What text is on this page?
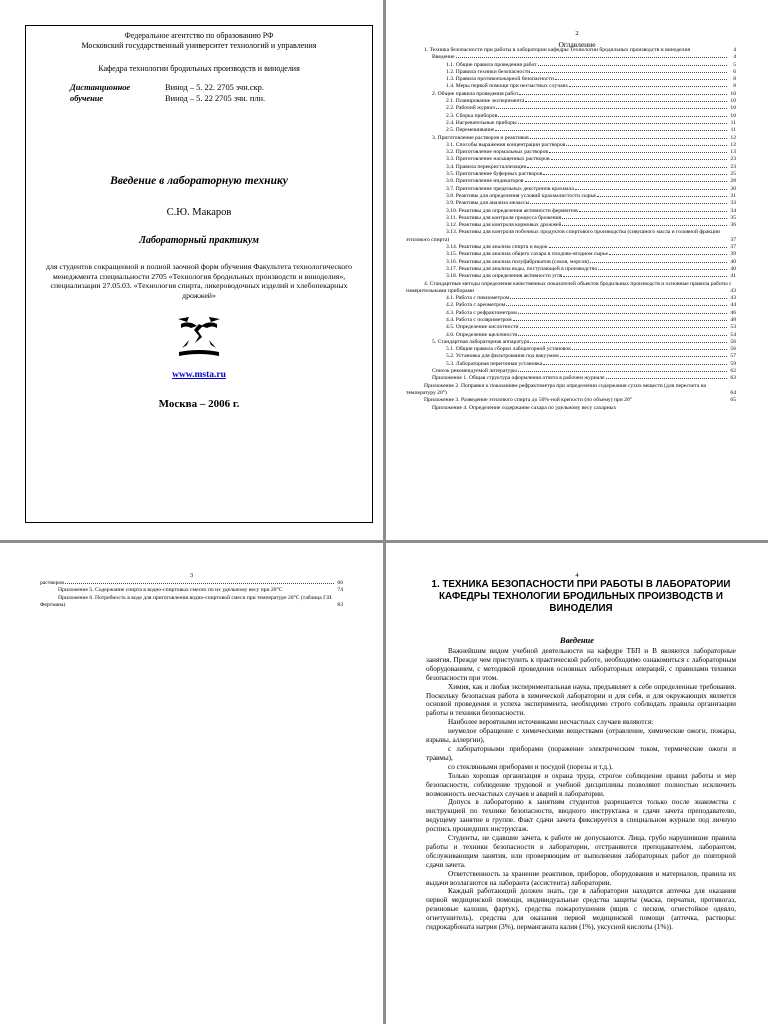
Федеральное агентство по образованию РФ
Московский государственный университет технологий и управления
Кафедра технологии бродильных производств и виноделия
Дистанционное обучение
Винод – 5. 22. 2705 зчн.скр.
Винод – 5. 22 2705 зчн. плн.
Введение в лабораторную технику
С.Ю. Макаров
Лабораторный практикум
для студентов сокращенной и полной заочной форм обучения Факультета технологического менеджмента специальности 2705 «Технология бродильных производств и виноделия», специализации 27.05.03. «Технология спирта, ликероводочных изделий и хлебопекарных дрожжей»
www.msta.ru
Москва – 2006 г.
2
Оглавление
1. Техника безопасности при работы в лаборатории кафедры Технологии бродильных производств и виноделия	4
Введение	4
1.1. Общие правила проведения работ	5
1.2. Правила техники безопасности	6
1.3. Правила противопожарной безопасности	8
1.4. Меры первой помощи при несчастных случаях	8
2. Общие правила проведения работ	10
2.1. Планирование эксперимента	10
2.2. Рабочий журнал	10
2.3. Сборка приборов	10
2.4. Нагревательные приборы	11
2.5. Перемешивание	11
3. Приготовление растворов и реактивов	12
3.1. Способы выражения концентрации растворов	12
3.2. Приготовление нормальных растворов	13
3.3. Приготовление насыщенных растворов	23
3.4. Правила перекристаллизации	23
3.5. Приготовление буферных растворов	25
3.6. Приготовление индикаторов	28
3.7. Приготовление предельных декстринов крахмала	30
3.8. Реактивы для определения условий крахмалистости сырья	31
3.9. Реактивы для анализа мелассы	33
3.10. Реактивы для определения активности ферментов	34
3.11. Реактивы для контроля процесса брожения	35
3.12. Реактивы для контроля кормовых дрожжей	36
3.13. Реактивы для контроля побочных продуктов спиртового производства (сивушного масла и головной фракции этилового спирта)	37
3.14. Реактивы для анализа спирта и водок	37
3.15. Реактивы для анализа общего сахара в плодово-ягодном сырье	39
3.16. Реактивы для анализа полуфабрикатов (соков, морсов)	40
3.17. Реактивы для анализа воды, поступающей в производство	40
3.18. Реактивы для определения активности угля	41
4. Стандартные методы определения качественных показателей объектов бродильных производств и основные правила работы с измерительными приборами	43
4.1. Работа с пикнометром	43
4.2. Работа с ареометром	44
4.3. Работа с рефрактометром	46
4.4. Работа с поляриметром	48
4.5. Определение кислотности	53
4.6. Определение щелочности	54
5. Стандартная лабораторная аппаратура	56
5.1. Общие правила сборки лабораторной установок	56
5.2. Установка для фильтрования под вакуумом	57
5.3. Лабораторная перегонная установка	59
Список рекомендуемой литературы	62
Приложение 1. Общая структура оформления отчета в рабочем журнале	63
Приложение 2. Поправки к показаниям рефрактометра при определении содержания сухих веществ (для пересчета на температуру 20°)	64
Приложение 3. Разведение этилового спирта до 50%-ной крепости (по объему) при 20°	65
Приложение 4. Определение содержание сахара по удельному весу сахарных
3
растворов	66
Приложение 5. Содержание спирта в водно-спиртовых смесях по их удельному весу при 20°С	74
Приложение 6. Потребность в воде для приготовления водно-спиртовой смеси при температуре 20°С (таблица Г.И. Фертмана)	83
4
1. ТЕХНИКА БЕЗОПАСНОСТИ ПРИ РАБОТЫ В ЛАБОРАТОРИИ КАФЕДРЫ ТЕХНОЛОГИИ БРОДИЛЬНЫХ ПРОИЗВОДСТВ И ВИНОДЕЛИЯ
Введение

Важнейшим видом учебной деятельности на кафедре ТБП и В являются лабораторные занятия. Прежде чем приступить к практической работе, необходимо ознакомиться с лабораторным оборудованием, с методикой проведения основных лабораторных операций, с правилами техники безопасности при этом.

Химия, как и любая экспериментальная наука, предъявляет к себе определенные требования. Поскольку безопасная работа в химической лаборатории и для себя, и для окружающих является основой проведения и успеха эксперимента, необходимо строго соблюдать правила организации работы и техники безопасности.

Наиболее вероятными источниками несчастных случаев являются:

неумелое обращение с химическими веществами (отравление, химические ожоги, пожары, взрывы, аллергии),

с лабораторными приборами (поражение электрическим током, термические ожоги и травмы),

со стеклянными приборами и посудой (порезы и т.д.).

Только хорошая организация и охрана труда, строгое соблюдение правил работы и мер безопасности, соблюдение трудовой и учебной дисциплины позволяют полностью исключить возможность несчастных случаев и аварий в лаборатории.

Допуск в лабораторию к занятиям студентов разрешается только после знакомства с инструкцией по технике безопасности, вводного инструктажа и сдачи зачета преподавателю, ведущему занятие в группе. Факт сдачи зачета фиксируется в специальном журнале под личную роспись прошедших инструктаж.

Студенты, не сдавшие зачета, к работе не допускаются. Лица, грубо нарушившие правила работы и техники безопасности в лаборатории, отстраняются преподавателем, лаборантом, обслуживающим занятия, или проверяющим от выполнения лабораторных работ до повторной сдачи зачета.

Ответственность за хранение реактивов, приборов, оборудования и материалов, правила их выдачи возлагаются на лаборанта (ассистента) лаборатории.

Каждый работающий должен знать, где в лаборатории находятся аптечка для оказания первой медицинской помощи, индивидуальные средства защиты (маска, перчатки, противогаз, резиновые калоши, фартук), средства пожаротушения (ящик с песком, огнестойкое одеяло, огнетушитель), средства для оказания первой медицинской помощи (аптечка, растворы: гидрокарбоната натрия (3%), перманганата калия (1%), уксусной кислоты (1%)).
